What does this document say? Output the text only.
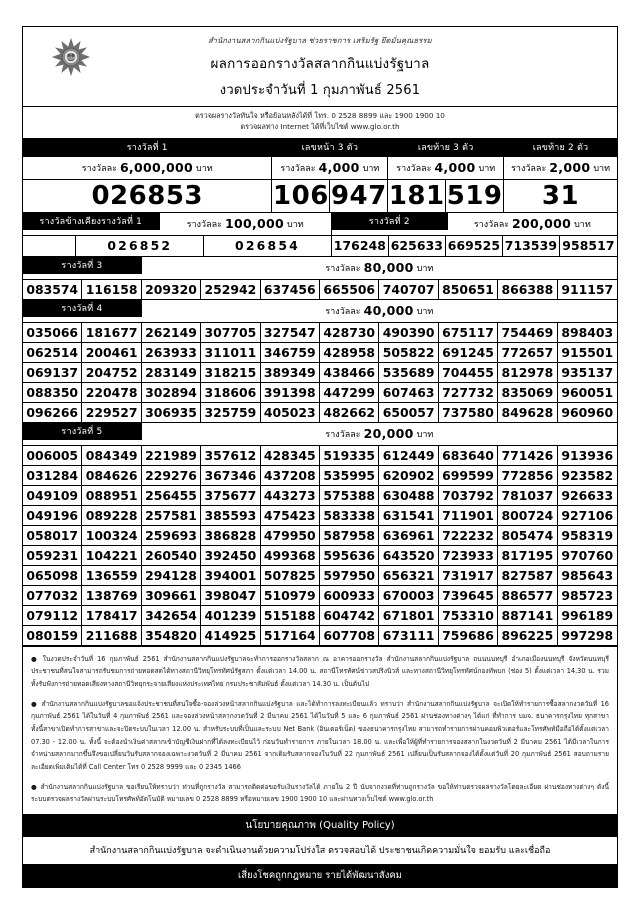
สำนักงานสลากกินแบ่งรัฐบาล ช่วยราชการ เสริมรัฐ ยึดมั่นคุณธรรม
ผลการออกรางวัลสลากกินแบ่งรัฐบาล
งวดประจำวันที่ 1 กุมภาพันธ์ 2561
ตรวจผลรางวัลทันใจ หรือย้อนหลังได้ที่ โทร. 0 2528 8899 และ 1900 1900 10
ตรวจผลทาง Internet ได้ที่เว็บไซต์ www.glo.or.th
รางวัลที่ 1	เลขหน้า 3 ตัว	เลขท้าย 3 ตัว	เลขท้าย 2 ตัว
รางวัลละ 6,000,000 บาท	รางวัลละ 4,000 บาท รางวัลละ 4,000 บาท รางวัลละ 2,000 บาท
026853	106 947 181 519	31
รางวัลข้างเคียงรางวัลที่ 1	รางวัลละ 100,000 บาท	รางวัลที่ 2	รางวัลละ 200,000 บาท
026852	026854	176248 625633 669525 713539 958517
รางวัลที่ 3	รางวัลละ 80,000 บาท
083574 116158 209320 252942 637456 665506 740707 850651 866388 911157
รางวัลที่ 4	รางวัลละ 40,000 บาท
035066 181677 262149 307705 327547 428730 490390 675117 754469 898403
062514 200461 263933 311011 346759 428958 505822 691245 772657 915501
069137 204752 283149 318215 389349 438466 535689 704455 812978 935137
088350 220478 302894 318606 391398 447299 607463 727732 835069 960051
096266 229527 306935 325759 405023 482662 650057 737580 849628 960960
รางวัลที่ 5	รางวัลละ 20,000 บาท
006005 084349 221989 357612 428345 519335 612449 683640 771426 913936
031284 084626 229276 367346 437208 535995 620902 699599 772856 923582
049109 088951 256455 375677 443273 575388 630488 703792 781037 926633
049196 089228 257581 385593 475423 583338 631541 711901 800724 927106
058017 100324 259693 386828 479950 587958 636961 722232 805474 958319
059231 104221 260540 392450 499368 595636 643520 723933 817195 970760
065098 136559 294128 394001 507825 597950 656321 731917 827587 985643
077032 138769 309661 398047 510979 600933 670003 739645 886577 985723
079112 178417 342654 401239 515188 604742 671801 753310 887141 996189
080159 211688 354820 414925 517164 607708 673111 759686 896225 997298

● ในงวดประจำวันที่ 16 กุมภาพันธ์ 2561 สำนักงานสลากกินแบ่งรัฐบาลจะทำการออกรางวัลสลาก ณ อาคารออกรางวัล สำนักงานสลากกินแบ่งรัฐบาล ถนนนนทบุรี อำเภอเมืองนนทบุรี จังหวัดนนทบุรี ประชาชนที่สนใจสามารถรับชมการถ่ายทอดสดได้ทางสถานีวิทยุโทรทัศน์รัฐสภา ตั้งแต่เวลา 14.00 น. สถานีโทรทัศน์ข่าวสปริงนิวส์ และทางสถานีวิทยุโทรทัศน์กองทัพบก (ช่อง 5) ตั้งแต่เวลา 14.30 น. รวมทั้งรับฟังการถ่ายทอดเสียงทางสถานีวิทยุกระจายเสียงแห่งประเทศไทย กรมประชาสัมพันธ์ ตั้งแต่เวลา 14.30 น. เป็นต้นไป

● สำนักงานสลากกินแบ่งรัฐบาลขอแจ้งประชาชนที่สนใจซื้อ-จองล่วงหน้าสลากกินแบ่งรัฐบาล และได้ทำการลงทะเบียนแล้ว ทราบว่า สำนักงานสลากกินแบ่งรัฐบาล จะเปิดให้ทำรายการซื้อสลากงวดวันที่ 16 กุมภาพันธ์ 2561 ได้ในวันที่ 4 กุมภาพันธ์ 2561 และจองล่วงหน้าสลากงวดวันที่ 2 มีนาคม 2561 ได้ในวันที่ 5 และ 6 กุมภาพันธ์ 2561 ผ่านช่องทางต่างๆ ได้แก่ ที่ทำการ บมจ. ธนาคารกรุงไทย ทุกสาขา ทั้งนี้สาขาเปิดทำการสาขาและจะปิดระบบในเวลา 12.00 น. สำหรับระบบที่เป็นและระบบ Net Bank (อินเตอร์เน็ต) ของธนาคารกรุงไทย สามารถทำรายการผ่านคอมพิวเตอร์และโทรศัพท์มือถือได้ตั้งแต่เวลา 07.30 - 12.00 น. ทั้งนี้ จะต้องนำเงินค่าสลากเข้าบัญชีเงินฝากที่ได้ลงทะเบียนไว้ ก่อนวันทำรายการ ภายในเวลา 18.00 น. และเพื่อให้ผู้ที่ทำรายการจองสลากในงวดวันที่ 2 มีนาคม 2561 ได้มีเวลาในการจำหน่ายสลากมากขึ้นจึงขอเปลี่ยนวันรับสลากจองเฉพาะงวดวันที่ 2 มีนาคม 2561 จากเดิมรับสลากจองในวันที่ 22 กุมภาพันธ์ 2561 เปลี่ยนเป็นรับสลากจองได้ตั้งแต่วันที่ 20 กุมภาพันธ์ 2561 สอบถามรายละเอียดเพิ่มเติมได้ที่ Call Center โทร 0 2528 9999 และ 0 2345 1466

● สำนักงานสลากกินแบ่งรัฐบาล ขอเรียนให้ทราบว่า ท่านที่ถูกรางวัล สามารถติดต่อขอรับเงินรางวัลได้ ภายใน 2 ปี นับจากงวดที่ท่านถูกรางวัล ขอให้ท่านตรวจผลรางวัลโดยละเอียด ผ่านช่องทางต่างๆ ดังนี้ ระบบตรวจผลรางวัลผ่านระบบโทรศัพท์อัตโนมัติ หมายเลข 0 2528 8899 หรือหมายเลข 1900 1900 10 และผ่านทางเว็บไซต์ www.glo.or.th

นโยบายคุณภาพ (Quality Policy)
สำนักงานสลากกินแบ่งรัฐบาล จะดำเนินงานด้วยความโปร่งใส ตรวจสอบได้ ประชาชนเกิดความมั่นใจ ยอมรับ และเชื่อถือ
เสี่ยงโชคถูกกฎหมาย รายได้พัฒนาสังคม
